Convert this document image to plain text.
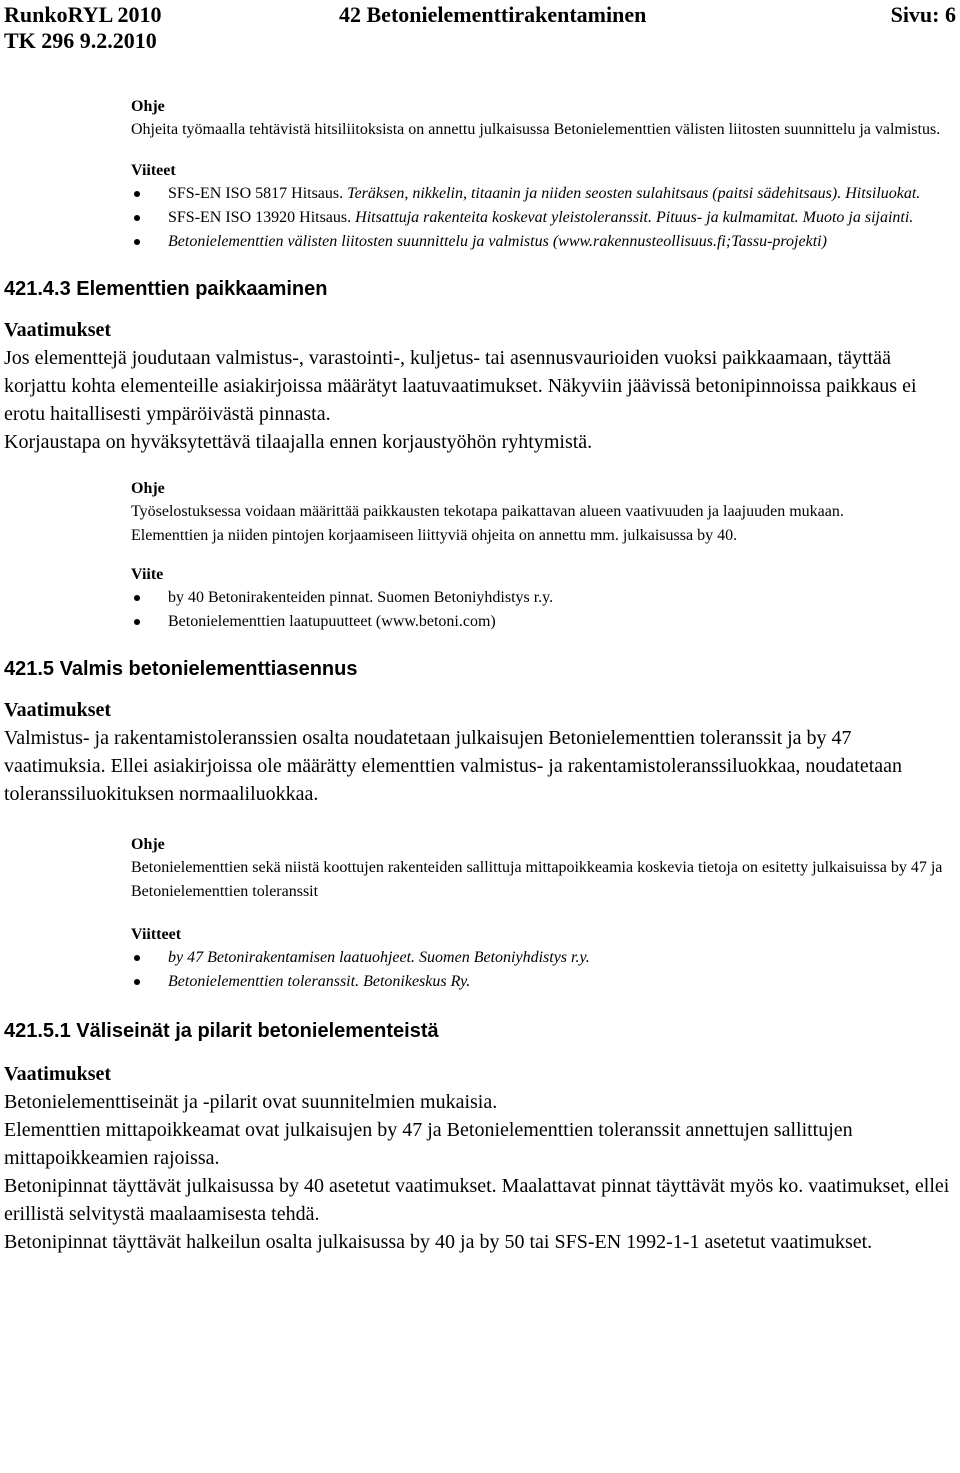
RunkoRYL 2010	42 Betonielementtirakentaminen	Sivu: 6
TK 296 9.2.2010
Ohje
Ohjeita työmaalla tehtävistä hitsiliitoksista on annettu julkaisussa Betonielementtien välisten liitosten suunnittelu ja valmistus.
Viiteet
SFS-EN ISO 5817 Hitsaus. Teräksen, nikkelin, titaanin ja niiden seosten sulahitsaus (paitsi sädehitsaus). Hitsiluokat.
SFS-EN ISO 13920 Hitsaus. Hitsattuja rakenteita koskevat yleistoleranssit. Pituus- ja kulmamitat. Muoto ja sijainti.
Betonielementtien välisten liitosten suunnittelu ja valmistus (www.rakennusteollisuus.fi;Tassu-projekti)
421.4.3 Elementtien paikkaaminen
Vaatimukset

Jos elementtejä joudutaan valmistus-, varastointi-, kuljetus- tai asennusvaurioiden vuoksi paikkaamaan, täyttää korjattu kohta elementeille asiakirjoissa määrätyt laatuvaatimukset. Näkyviin jäävissä betonipinnoissa paikkaus ei erotu haitallisesti ympäröivästä pinnasta.

Korjaustapa on hyväksytettävä tilaajalla ennen korjaustyöhön ryhtymistä.

Ohje

Työselostuksessa voidaan määrittää paikkausten tekotapa paikattavan alueen vaativuuden ja laajuuden mukaan.

Elementtien ja niiden pintojen korjaamiseen liittyviä ohjeita on annettu mm. julkaisussa by 40.

Viite
by 40 Betonirakenteiden pinnat. Suomen Betoniyhdistys r.y.
Betonielementtien laatupuutteet (www.betoni.com)
421.5 Valmis betonielementtiasennus
Vaatimukset
Valmistus- ja rakentamistoleranssien osalta noudatetaan julkaisujen Betonielementtien toleranssit ja by 47 vaatimuksia. Ellei asiakirjoissa ole määrätty elementtien valmistus- ja rakentamistoleranssiluokkaa, noudatetaan toleranssiluokituksen normaaliluokkaa.
Ohje
Betonielementtien sekä niistä koottujen rakenteiden sallittuja mittapoikkeamia koskevia tietoja on esitetty julkaisuissa by 47 ja Betonielementtien toleranssit
Viitteet
by 47 Betonirakentamisen laatuohjeet. Suomen Betoniyhdistys r.y.
Betonielementtien toleranssit. Betonikeskus Ry.
421.5.1 Väliseinät ja pilarit betonielementeistä
Vaatimukset

Betonielementtiseinät ja -pilarit ovat suunnitelmien mukaisia.

Elementtien mittapoikkeamat ovat julkaisujen by 47 ja Betonielementtien toleranssit annettujen sallittujen mittapoikkeamien rajoissa.

Betonipinnat täyttävät julkaisussa by 40 asetetut vaatimukset. Maalattavat pinnat täyttävät myös ko. vaatimukset, ellei erillistä selvitystä maalaamisesta tehdä.

Betonipinnat täyttävät halkeilun osalta julkaisussa by 40 ja by 50 tai SFS-EN 1992-1-1 asetetut vaatimukset.
